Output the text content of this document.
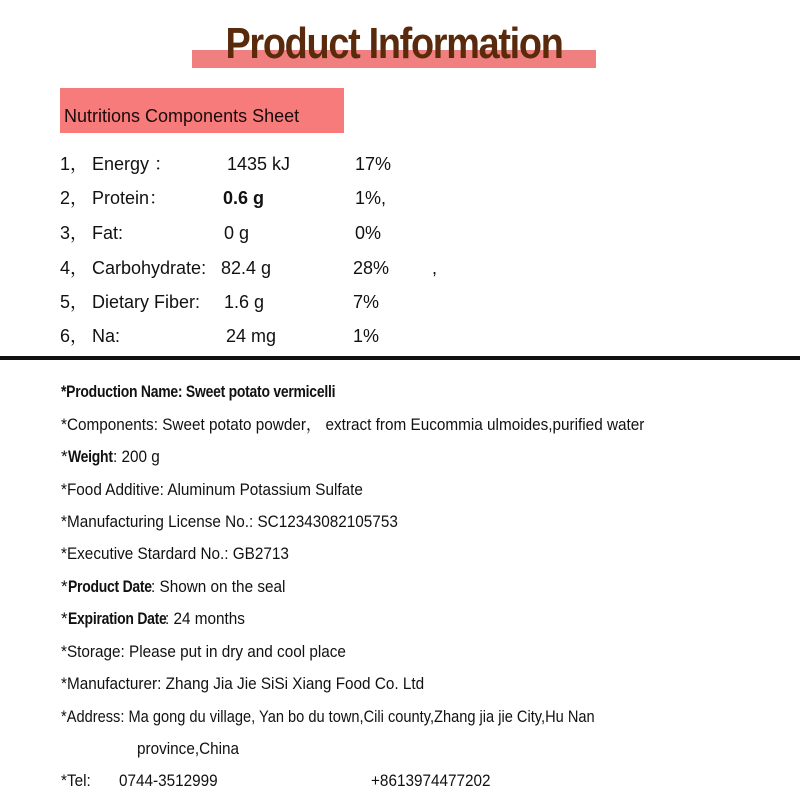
Product Information
Nutritions Components Sheet
1， Energy ：	1435 kJ	17%
2， Protein：	0.6 g	1%,
3， Fat:	0 g	0%
4， Carbohydrate: 82.4 g	28% ,
5， Dietary Fiber: 1.6 g	7%
6， Na:	24 mg	1%
*Production Name: Sweet potato vermicelli
*Components: Sweet potato powder， extract from Eucommia ulmoides,purified water
*Weight: 200 g
*Food Additive: Aluminum Potassium Sulfate
*Manufacturing License No.: SC12343082105753
*Executive Stardard No.: GB2713
*Product Date: Shown on the seal
*Expiration Date: 24 months
*Storage: Please put in dry and cool place
*Manufacturer: Zhang Jia Jie SiSi Xiang Food Co. Ltd
*Address: Ma gong du village, Yan bo du town,Cili county,Zhang jia jie City,Hu Nan
province,China
*Tel: 0744-3512999	+8613974477202
